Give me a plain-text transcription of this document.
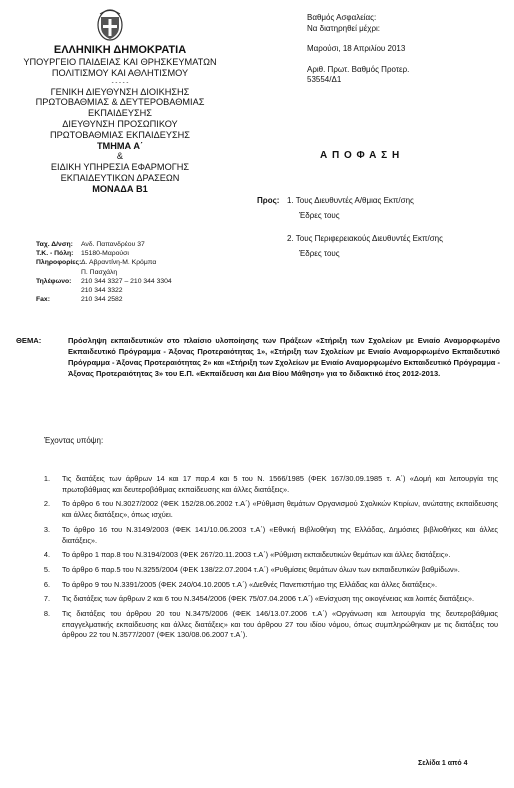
ΕΛΛΗΝΙΚΗ ΔΗΜΟΚΡΑΤΙΑ
ΥΠΟΥΡΓΕΙΟ ΠΑΙΔΕΙΑΣ ΚΑΙ ΘΡΗΣΚΕΥΜΑΤΩΝ
ΠΟΛΙΤΙΣΜΟΥ ΚΑΙ ΑΘΛΗΤΙΣΜΟΥ
- - - - -
ΓΕΝΙΚΗ ΔΙΕΥΘΥΝΣΗ ΔΙΟΙΚΗΣΗΣ
ΠΡΩΤΟΒΑΘΜΙΑΣ & ΔΕΥΤΕΡΟΒΑΘΜΙΑΣ
ΕΚΠΑΙΔΕΥΣΗΣ
ΔΙΕΥΘΥΝΣΗ ΠΡΟΣΩΠΙΚΟΥ
ΠΡΩΤΟΒΑΘΜΙΑΣ ΕΚΠΑΙΔΕΥΣΗΣ
ΤΜΗΜΑ Α΄
&
ΕΙΔΙΚΗ ΥΠΗΡΕΣΙΑ ΕΦΑΡΜΟΓΗΣ
ΕΚΠΑΙΔΕΥΤΙΚΩΝ ΔΡΑΣΕΩΝ
ΜΟΝΑΔΑ Β1
Ταχ. Δ/νση:	Ανδ. Παπανδρέου 37
Τ.Κ. - Πόλη:	15180-Μαρούσι
Πληροφορίες: Δ. Αβραντίνη-Μ. Κρόμπα
Π. Πασχάλη
Τηλέφωνο:	210 344 3327 – 210 344 3304
210 344 3322
Fax:	210 344 2582
Βαθμός Ασφαλείας:
Να διατηρηθεί μέχρι:
Μαρούσι, 18 Απριλίου 2013
Αριθ. Πρωτ. Βαθμός Προτερ.
53554/Δ1
Α Π Ο Φ Α Σ Η
Προς: 1. Τους Διευθυντές Α/θμιας Εκπ/σης
Έδρες τους
2. Τους Περιφερειακούς Διευθυντές Εκπ/σης
Έδρες τους
ΘΕΜΑ:	Πρόσληψη εκπαιδευτικών στο πλαίσιο υλοποίησης των Πράξεων «Στήριξη των Σχολείων με Ενιαίο Αναμορφωμένο Εκπαιδευτικό Πρόγραμμα - Άξονας Προτεραιότητας 1», «Στήριξη των Σχολείων με Ενιαίο Αναμορφωμένο Εκπαιδευτικό Πρόγραμμα - Άξονας Προτεραιότητας 2» και «Στήριξη των Σχολείων με Ενιαίο Αναμορφωμένο Εκπαιδευτικό Πρόγραμμα - Άξονας Προτεραιότητας 3» του Ε.Π. «Εκπαίδευση και Δια Βίου Μάθηση» για το διδακτικό έτος 2012-2013.
Έχοντας υπόψη:
1.	Τις διατάξεις των άρθρων 14 και 17 παρ.4 και 5 του Ν. 1566/1985 (ΦΕΚ 167/30.09.1985 τ. Α΄) «Δομή και λειτουργία της πρωτοβάθμιας και δευτεροβάθμιας εκπαίδευσης και άλλες διατάξεις».
2.	Το άρθρο 6 του Ν.3027/2002 (ΦΕΚ 152/28.06.2002 τ.Α΄) «Ρύθμιση θεμάτων Οργανισμού Σχολικών Κτιρίων, ανώτατης εκπαίδευσης και άλλες διατάξεις», όπως ισχύει.
3.	Το άρθρο 16 του Ν.3149/2003 (ΦΕΚ 141/10.06.2003 τ.Α΄) «Εθνική Βιβλιοθήκη της Ελλάδας, Δημόσιες βιβλιοθήκες και άλλες διατάξεις».
4.	Το άρθρο 1 παρ.8 του Ν.3194/2003 (ΦΕΚ 267/20.11.2003 τ.Α΄) «Ρύθμιση εκπαιδευτικών θεμάτων και άλλες διατάξεις».
5.	Το άρθρο 6 παρ.5 του Ν.3255/2004 (ΦΕΚ 138/22.07.2004 τ.Α΄) «Ρυθμίσεις θεμάτων όλων των εκπαιδευτικών βαθμίδων».
6.	Το άρθρο 9 του Ν.3391/2005 (ΦΕΚ 240/04.10.2005 τ.Α΄) «Διεθνές Πανεπιστήμιο της Ελλάδας και άλλες διατάξεις».
7.	Τις διατάξεις των άρθρων 2 και 6 του Ν.3454/2006 (ΦΕΚ 75/07.04.2006 τ.Α΄) «Ενίσχυση της οικογένειας και λοιπές διατάξεις».
8.	Τις διατάξεις του άρθρου 20 του Ν.3475/2006 (ΦΕΚ 146/13.07.2006 τ.Α΄) «Οργάνωση και λειτουργία της δευτεροβάθμιας επαγγελματικής εκπαίδευσης και άλλες διατάξεις» και του άρθρου 27 του ιδίου νόμου, όπως συμπληρώθηκαν με τις διατάξεις του άρθρου 22 του Ν.3577/2007 (ΦΕΚ 130/08.06.2007 τ.Α΄).
Σελίδα 1 από 4
